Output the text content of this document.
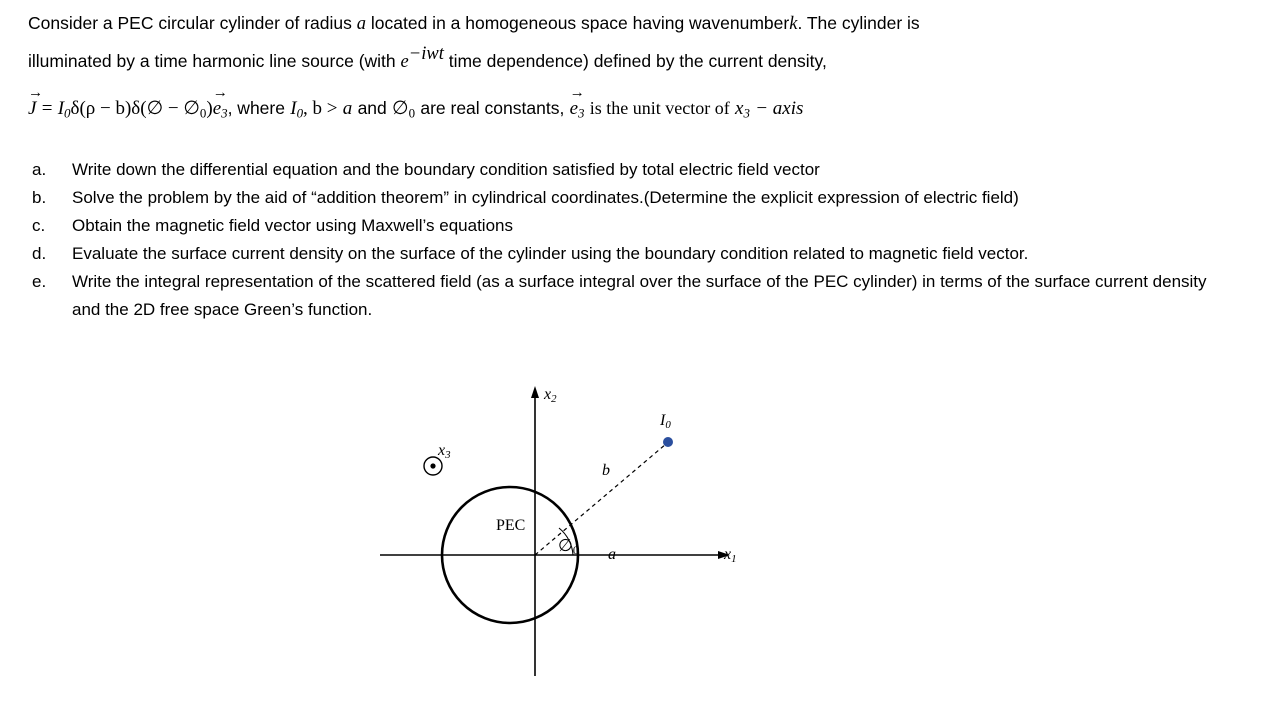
Consider a PEC circular cylinder of radius a located in a homogeneous space having wavenumberk. The cylinder is
illuminated by a time harmonic line source (with $e^{-iwt}$ time dependence) defined by the current density,
→
$J = I_0\delta(\rho$ − b)δ(∅ − $\emptyset_0$)
→
$e_3$, where $I_0$, b > a and $\emptyset_0$ are real constants,
→
$e_3$ is the unit vector of $x_3$ − axis
a.	Write down the differential equation and the boundary condition satisfied by total electric field vector
b.	Solve the problem by the aid of “addition theorem” in cylindrical coordinates.(Determine the explicit expression of electric field)
c.	Obtain the magnetic field vector using Maxwell’s equations
d.	Evaluate the surface current density on the surface of the cylinder using the boundary condition related to magnetic field vector.
e.	Write the integral representation of the scattered field (as a surface integral over the surface of the PEC cylinder) in terms of the surface current density and the 2D free space Green’s function.
$x_2$
$x_1$
$x_3$
$I_0$
b
$\emptyset_0$ a
PEC
